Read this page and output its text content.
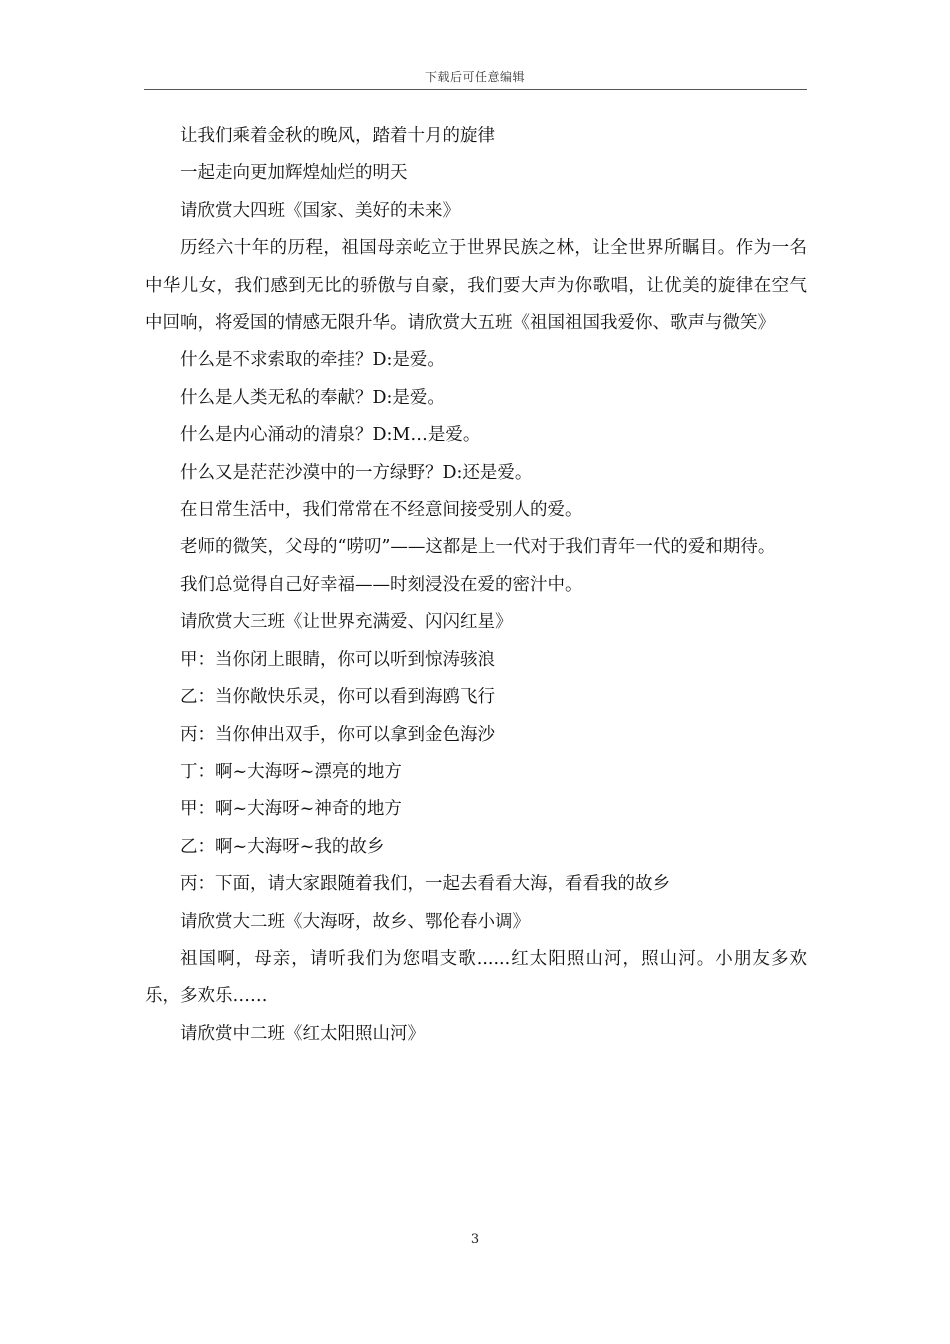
下载后可任意编辑

让我们乘着金秋的晚风，踏着十月的旋律

一起走向更加辉煌灿烂的明天

请欣赏大四班《国家、美好的未来》

历经六十年的历程，祖国母亲屹立于世界民族之林，让全世界所瞩目。作为一名中华儿女，我们感到无比的骄傲与自豪，我们要大声为你歌唱，让优美的旋律在空气中回响，将爱国的情感无限升华。请欣赏大五班《祖国祖国我爱你、歌声与微笑》

什么是不求索取的牵挂？D:是爱。

什么是人类无私的奉献？D:是爱。

什么是内心涌动的清泉？D:M…是爱。

什么又是茫茫沙漠中的一方绿野？D:还是爱。

在日常生活中，我们常常在不经意间接受别人的爱。

老师的微笑，父母的“唠叨”——这都是上一代对于我们青年一代的爱和期待。

我们总觉得自己好幸福——时刻浸没在爱的密汁中。

请欣赏大三班《让世界充满爱、闪闪红星》

甲：当你闭上眼睛，你可以听到惊涛骇浪

乙：当你敞快乐灵，你可以看到海鸥飞行

丙：当你伸出双手，你可以拿到金色海沙

丁：啊~大海呀~漂亮的地方

甲：啊~大海呀~神奇的地方

乙：啊~大海呀~我的故乡

丙：下面，请大家跟随着我们，一起去看看大海，看看我的故乡

请欣赏大二班《大海呀，故乡、鄂伦春小调》

祖国啊，母亲，请听我们为您唱支歌......红太阳照山河，照山河。小朋友多欢乐，多欢乐……

请欣赏中二班《红太阳照山河》

3
